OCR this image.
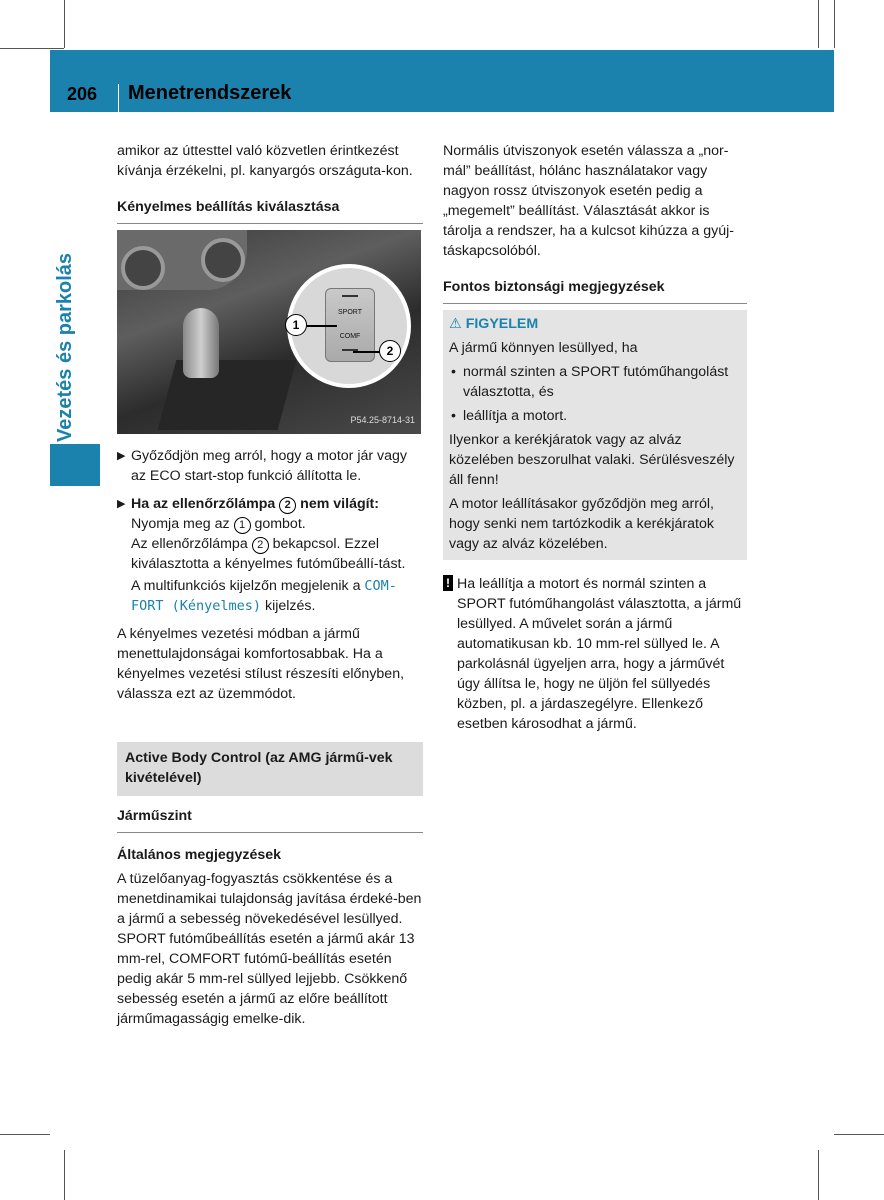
206	Menetrendszerek
Vezetés és parkolás

amikor az úttesttel való közvetlen érintkezést kívánja érzékelni, pl. kanyargós országuta-kon.

Kényelmes beállítás kiválasztása

SPORT
COMF
1
2
P54.25-8714-31
▶ Győződjön meg arról, hogy a motor jár vagy az ECO start-stop funkció állította le.
▶ Ha az ellenőrzőlámpa 2 nem világít:
Nyomja meg az 1 gombot.
Az ellenőrzőlámpa 2 bekapcsol. Ezzel kiválasztotta a kényelmes futóműbeállí-tást.
A multifunkciós kijelzőn megjelenik a COM- FORT (Kényelmes) kijelzés.

A kényelmes vezetési módban a jármű menettulajdonságai komfortosabbak. Ha a kényelmes vezetési stílust részesíti előnyben, válassza ezt az üzemmódot.

Active Body Control (az AMG jármű-vek kivételével)

Járműszint

Általános megjegyzések

A tüzelőanyag-fogyasztás csökkentése és a menetdinamikai tulajdonság javítása érdeké-ben a jármű a sebesség növekedésével lesüllyed. SPORT futóműbeállítás esetén a jármű akár 13 mm-rel, COMFORT futómű-beállítás esetén pedig akár 5 mm-rel süllyed lejjebb. Csökkenő sebesség esetén a jármű az előre beállított járműmagasságig emelke-dik.

Normális útviszonyok esetén válassza a „nor-mál” beállítást, hólánc használatakor vagy nagyon rossz útviszonyok esetén pedig a „megemelt” beállítást. Választását akkor is tárolja a rendszer, ha a kulcsot kihúzza a gyúj-táskapcsolóból.

Fontos biztonsági megjegyzések

⚠ FIGYELEM

A jármű könnyen lesüllyed, ha

• normál szinten a SPORT futóműhangolást választotta, és
• leállítja a motort.

Ilyenkor a kerékjáratok vagy az alváz közelében beszorulhat valaki. Sérülésveszély áll fenn!

A motor leállításakor győződjön meg arról, hogy senki nem tartózkodik a kerékjáratok vagy az alváz közelében.

! Ha leállítja a motort és normál szinten a SPORT futóműhangolást választotta, a jármű lesüllyed. A művelet során a jármű automatikusan kb. 10 mm-rel süllyed le. A parkolásnál ügyeljen arra, hogy a járművét úgy állítsa le, hogy ne üljön fel süllyedés közben, pl. a járdaszegélyre. Ellenkező esetben károsodhat a jármű.
